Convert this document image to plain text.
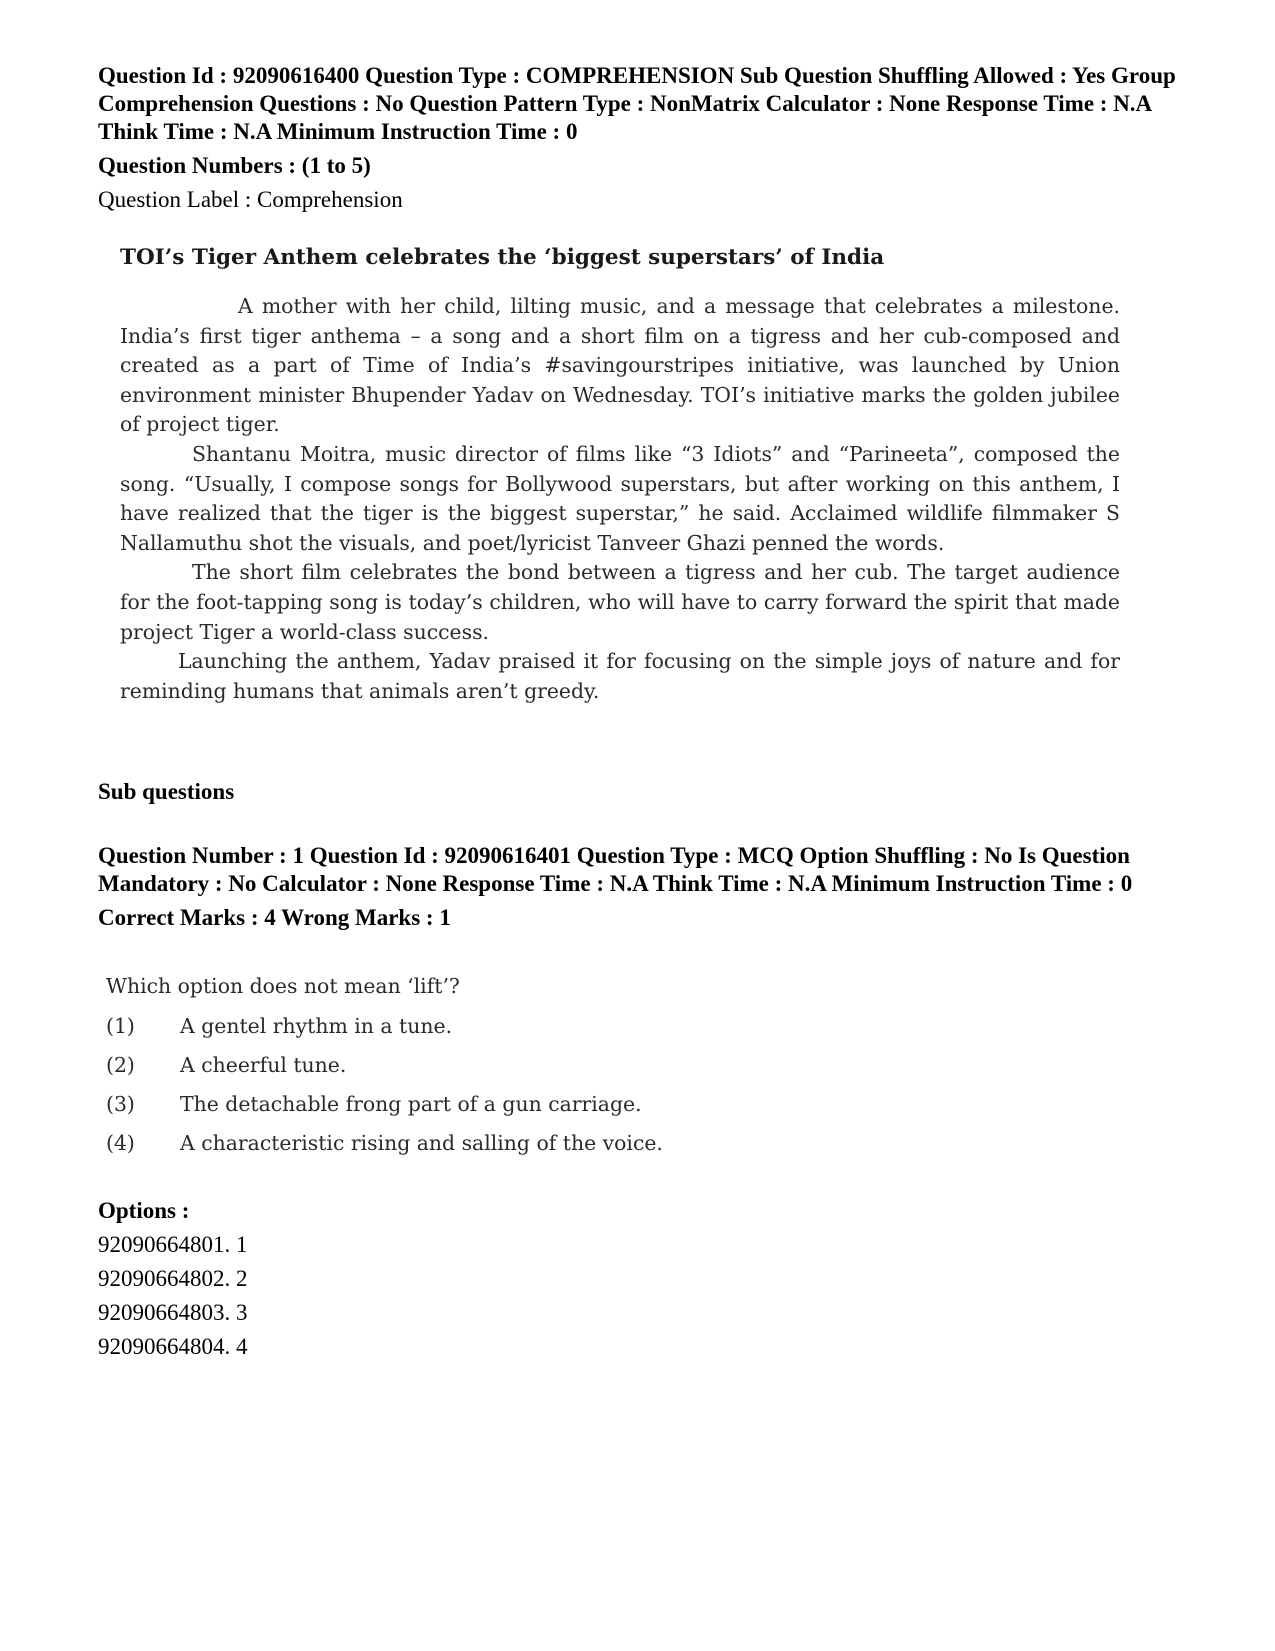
Question Id : 92090616400 Question Type : COMPREHENSION Sub Question Shuffling Allowed : Yes Group Comprehension Questions : No Question Pattern Type : NonMatrix Calculator : None Response Time : N.A Think Time : N.A Minimum Instruction Time : 0

Question Numbers : (1 to 5)

Question Label : Comprehension

TOI’s Tiger Anthem celebrates the ‘biggest superstars’ of India

A mother with her child, lilting music, and a message that celebrates a milestone. India’s first tiger anthema – a song and a short film on a tigress and her cub-composed and created as a part of Time of India’s #savingourstripes initiative, was launched by Union environment minister Bhupender Yadav on Wednesday. TOI’s initiative marks the golden jubilee of project tiger.

Shantanu Moitra, music director of films like “3 Idiots” and “Parineeta”, composed the song. “Usually, I compose songs for Bollywood superstars, but after working on this anthem, I have realized that the tiger is the biggest superstar,” he said. Acclaimed wildlife filmmaker S Nallamuthu shot the visuals, and poet/lyricist Tanveer Ghazi penned the words.

The short film celebrates the bond between a tigress and her cub. The target audience for the foot-tapping song is today’s children, who will have to carry forward the spirit that made project Tiger a world-class success.

Launching the anthem, Yadav praised it for focusing on the simple joys of nature and for reminding humans that animals aren’t greedy.

Sub questions

Question Number : 1 Question Id : 92090616401 Question Type : MCQ Option Shuffling : No Is Question Mandatory : No Calculator : None Response Time : N.A Think Time : N.A Minimum Instruction Time : 0

Correct Marks : 4 Wrong Marks : 1

Which option does not mean ‘lift’?
(1)	A gentel rhythm in a tune.
(2)	A cheerful tune.
(3)	The detachable frong part of a gun carriage.
(4)	A characteristic rising and salling of the voice.

Options :

92090664801. 1

92090664802. 2

92090664803. 3

92090664804. 4
